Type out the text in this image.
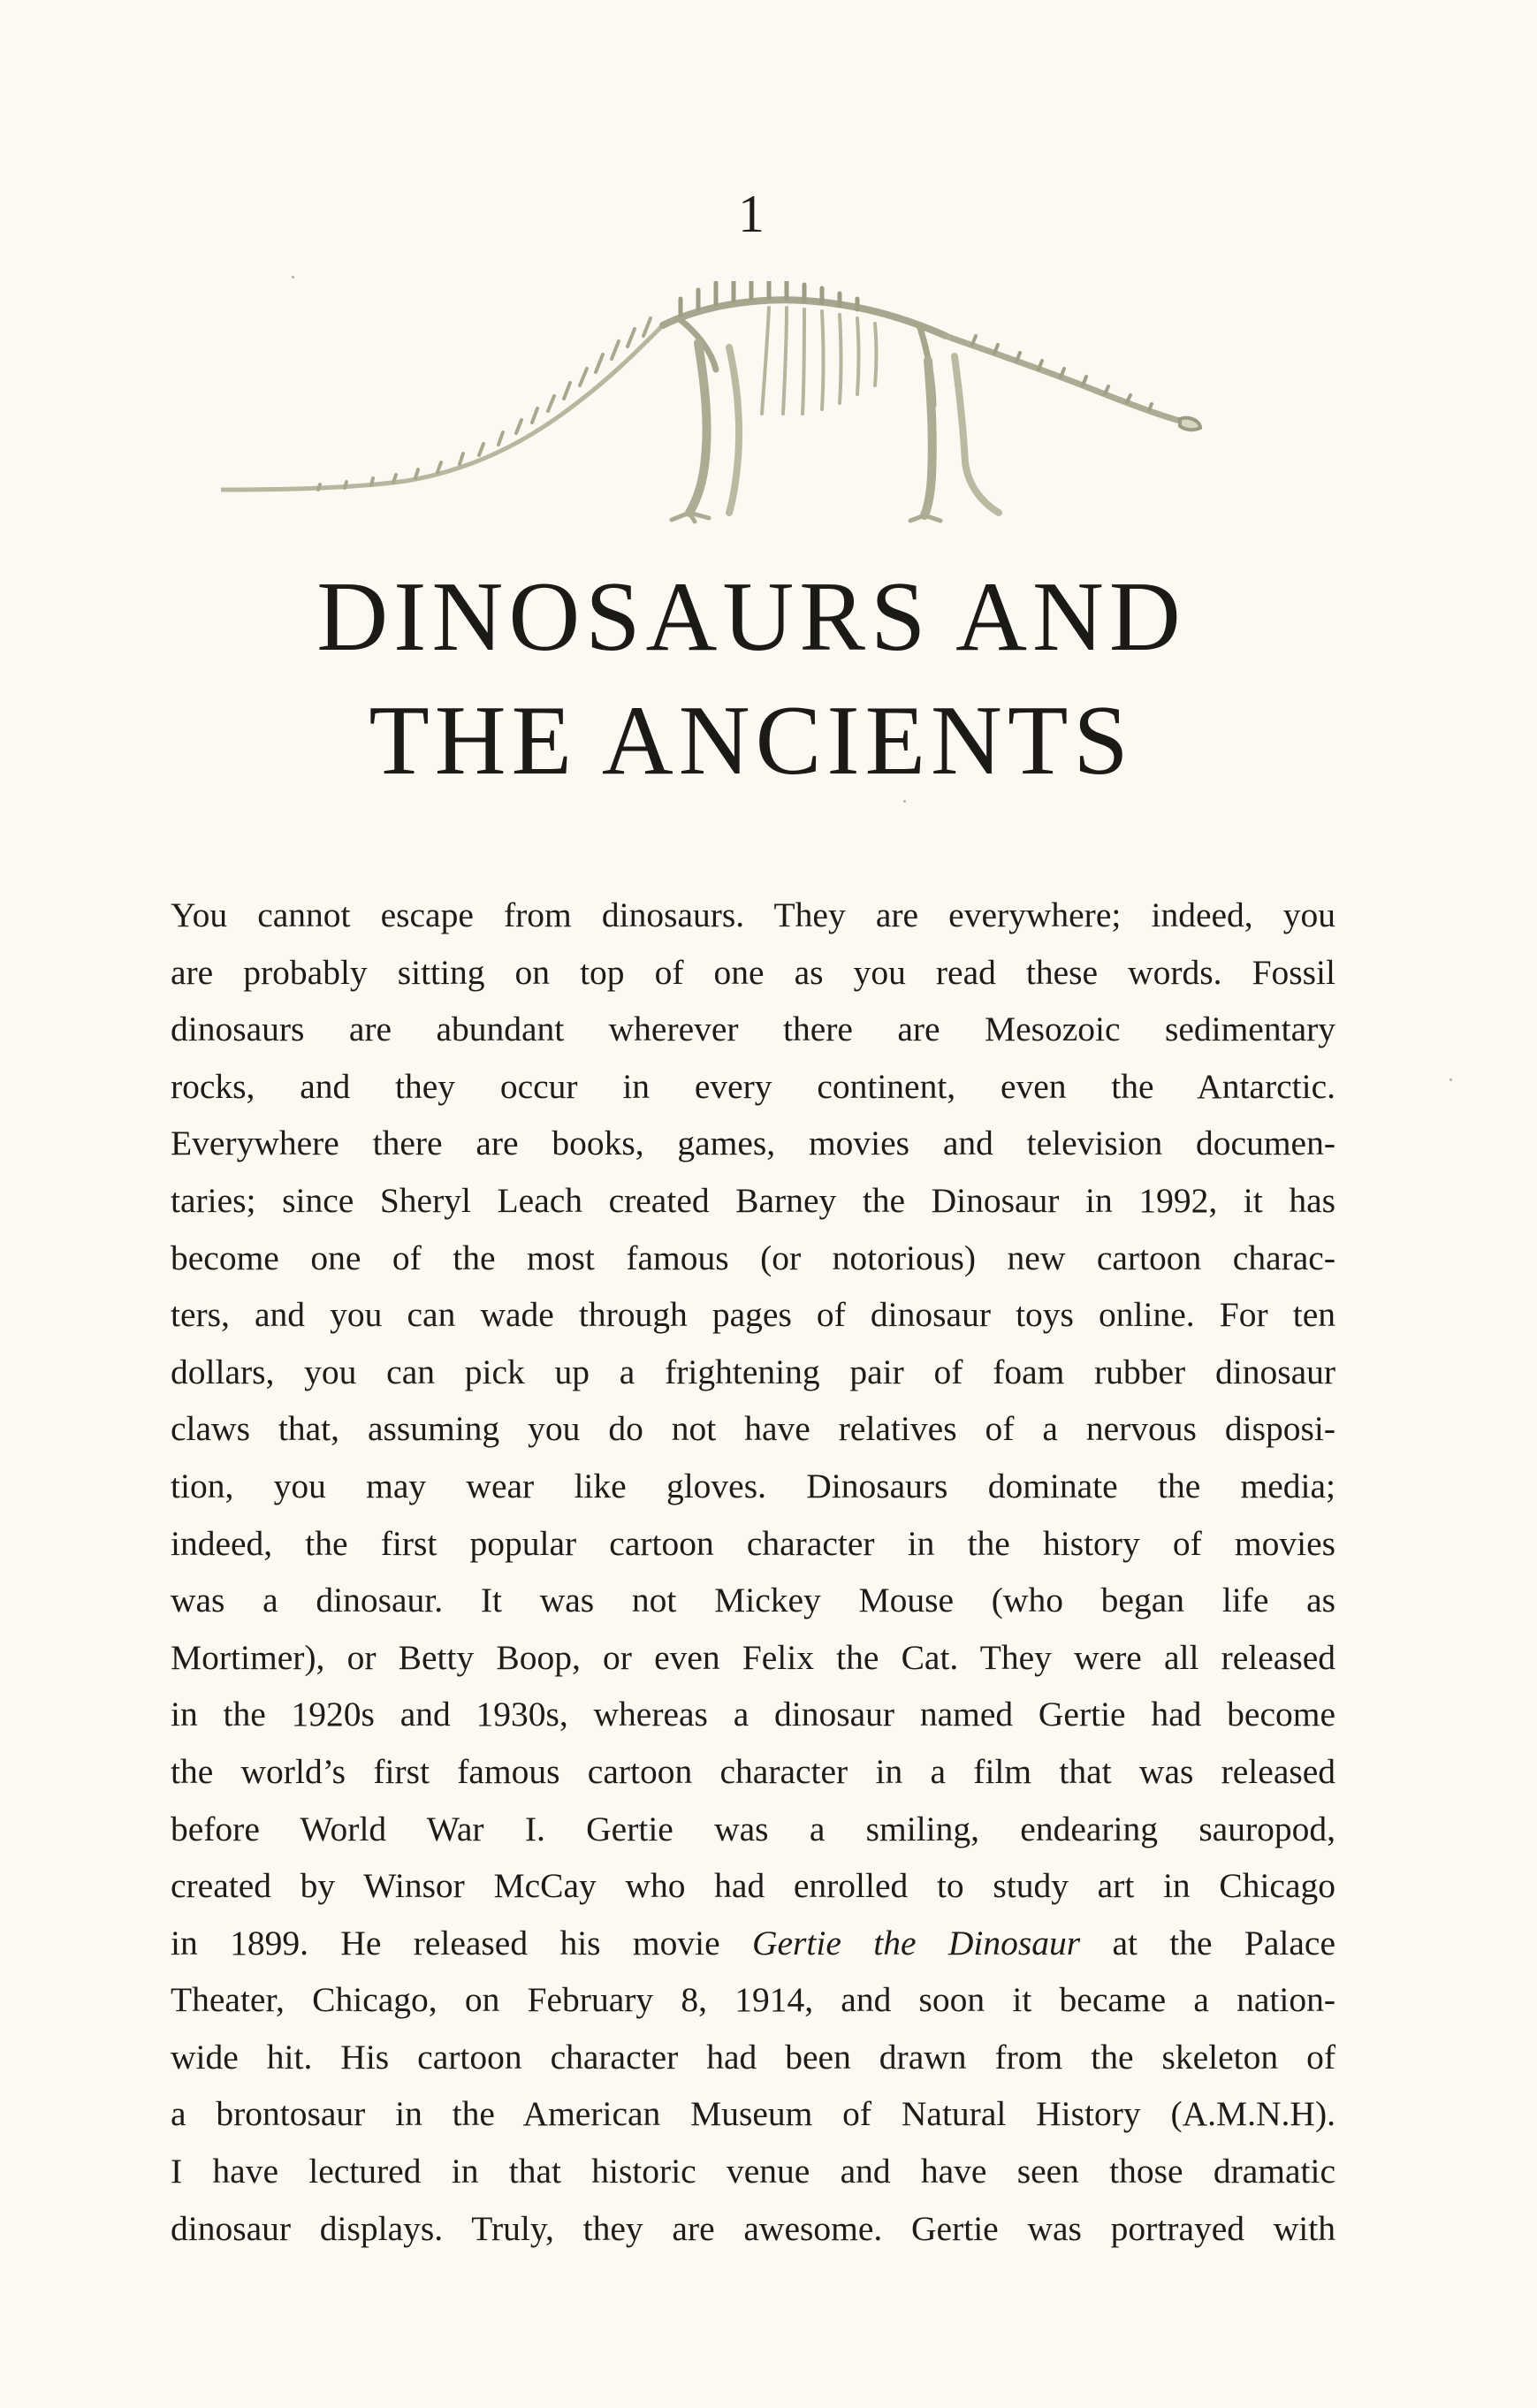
1
DINOSAURS AND
THE ANCIENTS
You cannot escape from dinosaurs. They are everywhere; indeed, you
are probably sitting on top of one as you read these words. Fossil
dinosaurs are abundant wherever there are Mesozoic sedimentary
rocks, and they occur in every continent, even the Antarctic.
Everywhere there are books, games, movies and television documen-
taries; since Sheryl Leach created Barney the Dinosaur in 1992, it has
become one of the most famous (or notorious) new cartoon charac-
ters, and you can wade through pages of dinosaur toys online. For ten
dollars, you can pick up a frightening pair of foam rubber dinosaur
claws that, assuming you do not have relatives of a nervous disposi-
tion, you may wear like gloves. Dinosaurs dominate the media;
indeed, the first popular cartoon character in the history of movies
was a dinosaur. It was not Mickey Mouse (who began life as
Mortimer), or Betty Boop, or even Felix the Cat. They were all released
in the 1920s and 1930s, whereas a dinosaur named Gertie had become
the world’s first famous cartoon character in a film that was released
before World War I. Gertie was a smiling, endearing sauropod,
created by Winsor McCay who had enrolled to study art in Chicago
in 1899. He released his movie Gertie the Dinosaur at the Palace
Theater, Chicago, on February 8, 1914, and soon it became a nation-
wide hit. His cartoon character had been drawn from the skeleton of
a brontosaur in the American Museum of Natural History (A.M.N.H).
I have lectured in that historic venue and have seen those dramatic
dinosaur displays. Truly, they are awesome. Gertie was portrayed with
